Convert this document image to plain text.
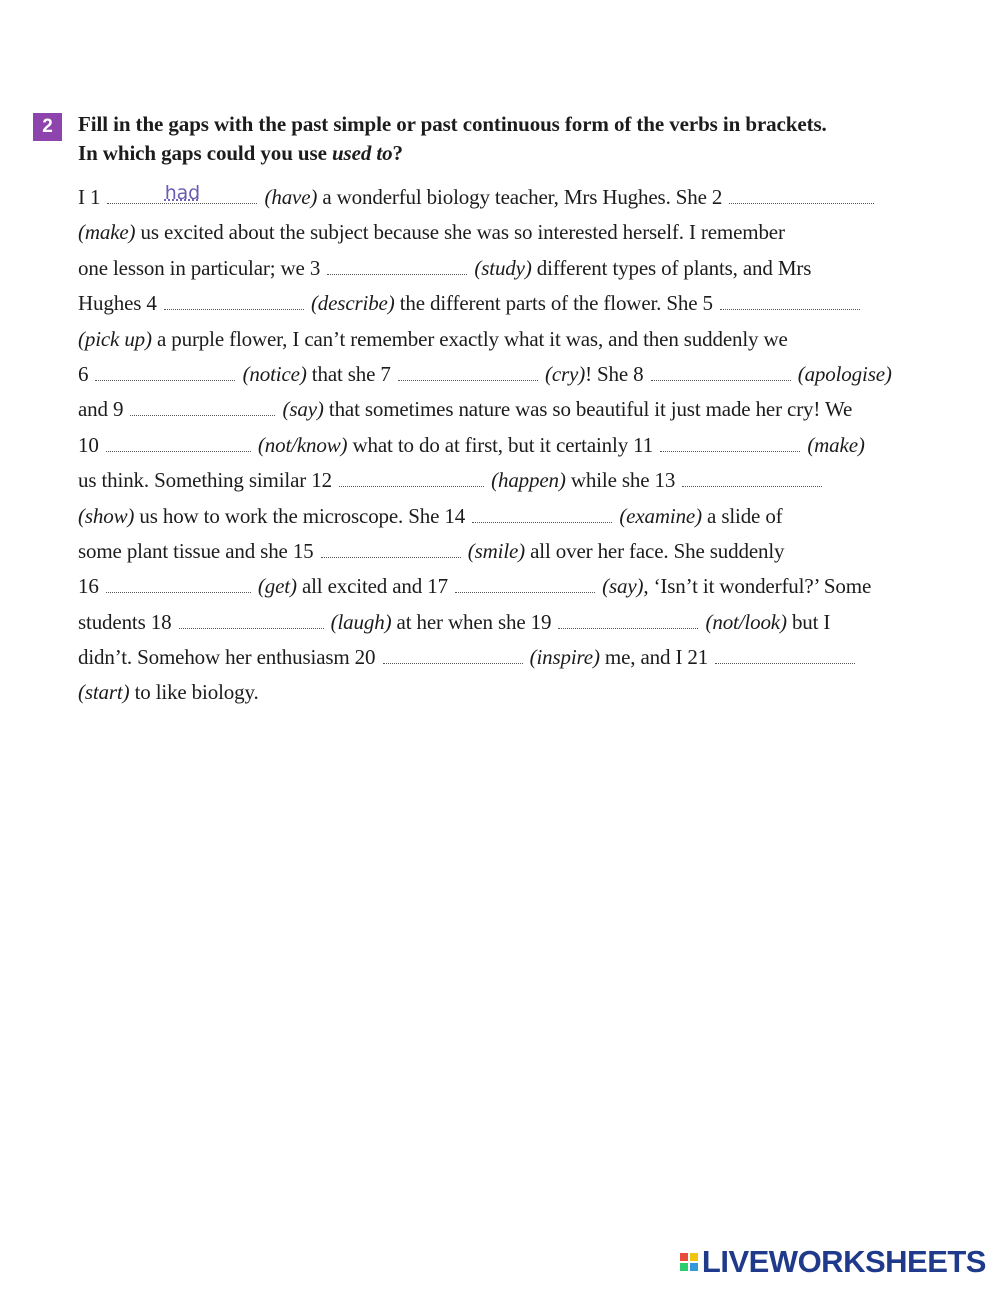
2	Fill in the gaps with the past simple or past continuous form of the verbs in brackets.
In which gaps could you use used to?
I 1	had	(have) a wonderful biology teacher, Mrs Hughes. She 2
(make) us excited about the subject because she was so interested herself. I remember
one lesson in particular; we 3	(study) different types of plants, and Mrs
Hughes 4	(describe) the different parts of the flower. She 5
(pick up) a purple flower, I can’t remember exactly what it was, and then suddenly we
6	(notice) that she 7	(cry)! She 8	(apologise)
and 9	(say) that sometimes nature was so beautiful it just made her cry! We
10	(not/know) what to do at first, but it certainly 11	(make)
us think. Something similar 12	(happen) while she 13
(show) us how to work the microscope. She 14	(examine) a slide of
some plant tissue and she 15	(smile) all over her face. She suddenly
16	(get) all excited and 17	(say), ‘Isn’t it wonderful?’ Some
students 18	(laugh) at her when she 19	(not/look) but I
didn’t. Somehow her enthusiasm 20	(inspire) me, and I 21
(start) to like biology.
LIVEWORKSHEETS
